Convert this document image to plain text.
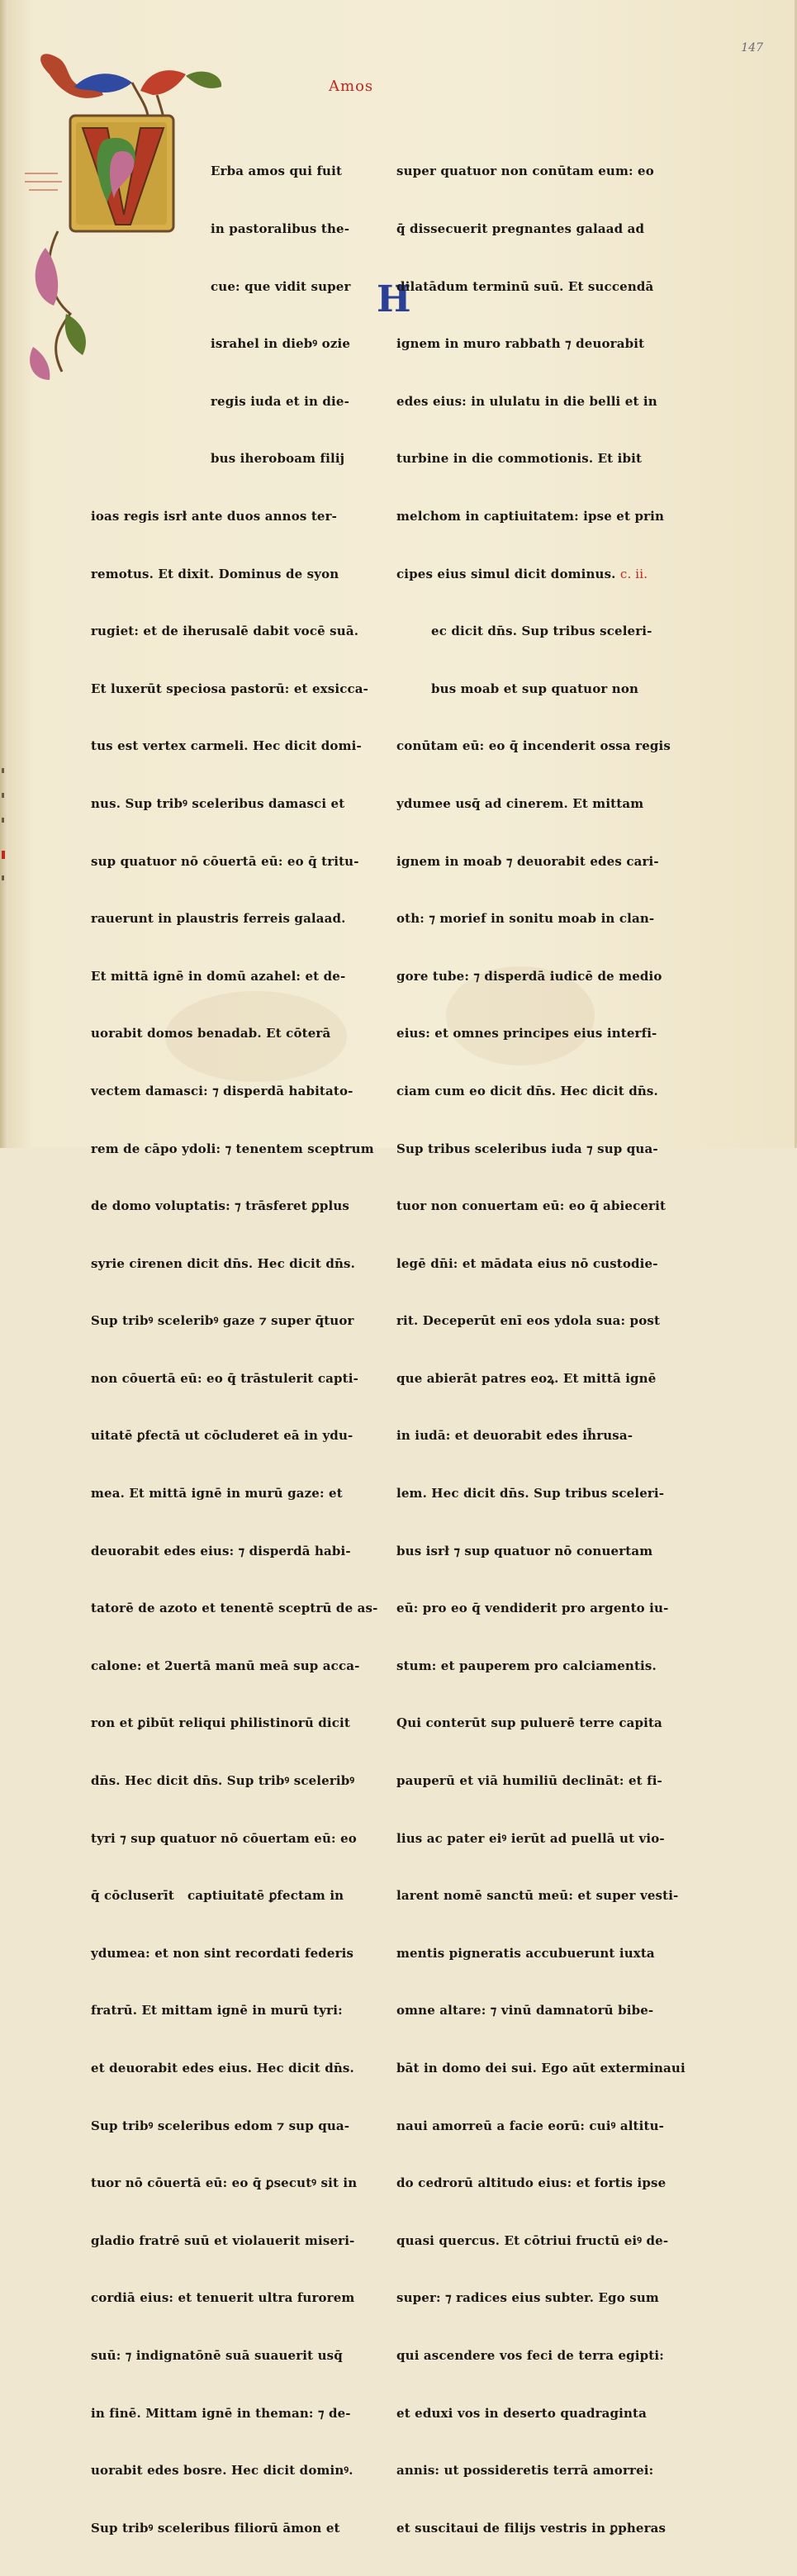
147
Amos

Erba amos qui fuit

in pastoralibus the-

cue: que vidit super

israhel in diebꝰ ozie

regis iuda et in die-

bus iheroboam filij

ioas regis isrł ante duos annos ter-

remotus. Et dixit. Dominus de syon

rugiet: et de iherusalē dabit vocē suā.

Et luxerūt speciosa pastorū: et exsicca-

tus est vertex carmeli. Hec dicit domi-

nus. Sup tribꝰ sceleribus damasci et

sup quatuor nō cōuertā eū: eo q̄ tritu-

rauerunt in plaustris ferreis galaad.

Et mittā ignē in domū azahel: et de-

uorabit domos benadab. Et cōterā

vectem damasci: ⁊ disperdā habitato-

rem de cāpo ydoli: ⁊ tenentem sceptrum

de domo voluptatis: ⁊ trāsferet ꝑplus

syrie cirenen dicit dn̄s. Hec dicit dn̄s.

Sup tribꝰ sceleribꝰ gaze ⁊ super q̄tuor

non cōuertā eū: eo q̄ trāstulerit capti-

uitatē ꝑfectā ut cōcluderet eā in ydu-

mea. Et mittā ignē in murū gaze: et

deuorabit edes eius: ⁊ disperdā habi-

tatorē de azoto et tenentē sceptrū de as-

calone: et 2uertā manū meā sup acca-

ron et ꝑibūt reliqui philistinorū dicit

dn̄s. Hec dicit dn̄s. Sup tribꝰ sceleribꝰ

tyri ⁊ sup quatuor nō cōuertam eū: eo

q̄ cōcluserīt   captiuitatē ꝑfectam in

ydumea: et non sint recordati federis

fratrū. Et mittam ignē in murū tyri:

et deuorabit edes eius. Hec dicit dn̄s.

Sup tribꝰ sceleribus edom ⁊ sup qua-

tuor nō cōuertā eū: eo q̄ ꝑsecutꝰ sit in

gladio fratrē suū et violauerit miseri-

cordiā eius: et tenuerit ultra furorem

suū: ⁊ indignatōnē suā suauerit usq̄

in finē. Mittam ignē in theman: ⁊ de-

uorabit edes bosre. Hec dicit dominꝰ.

Sup tribꝰ sceleribus filiorū āmon et

H

super quatuor non conūtam eum: eo

q̄ dissecuerit pregnantes galaad ad

dilatādum terminū suū. Et succendā

ignem in muro rabbath ⁊ deuorabit

edes eius: in ululatu in die belli et in

turbine in die commotionis. Et ibit

melchom in captiuitatem: ipse et prin

cipes eius simul dicit dominus. c. ii.

ec dicit dn̄s. Sup tribus sceleri-

bus moab et sup quatuor non

conūtam eū: eo q̄ incenderit ossa regis

ydumee usq̄ ad cinerem. Et mittam

ignem in moab ⁊ deuorabit edes cari-

oth: ⁊ morief in sonitu moab in clan-

gore tube: ⁊ disperdā iudicē de medio

eius: et omnes principes eius interfi-

ciam cum eo dicit dn̄s. Hec dicit dn̄s.

Sup tribus sceleribus iuda ⁊ sup qua-

tuor non conuertam eū: eo q̄ abiecerit

legē dn̄i: et mādata eius nō custodie-

rit. Deceperūt enī eos ydola sua: post

que abierāt patres eoꝝ. Et mittā ignē

in iudā: et deuorabit edes ih̄rusa-

lem. Hec dicit dn̄s. Sup tribus sceleri-

bus isrł ⁊ sup quatuor nō conuertam

eū: pro eo q̄ vendiderit pro argento iu-

stum: et pauperem pro calciamentis.

Qui conterūt sup puluerē terre capita

pauperū et viā humiliū declināt: et fi-

lius ac pater eiꝰ ierūt ad puellā ut vio-

larent nomē sanctū meū: et super vesti-

mentis pigneratis accubuerunt iuxta

omne altare: ⁊ vinū damnatorū bibe-

bāt in domo dei sui. Ego aūt exterminaui

naui amorreū a facie eorū: cuiꝰ altitu-

do cedrorū altitudo eius: et fortis ipse

quasi quercus. Et cōtriui fructū eiꝰ de-

super: ⁊ radices eius subter. Ego sum

qui ascendere vos feci de terra egipti:

et eduxi vos in deserto quadraginta

annis: ut possideretis terrā amorrei:

et suscitaui de filijs vestris in ꝑpheras
